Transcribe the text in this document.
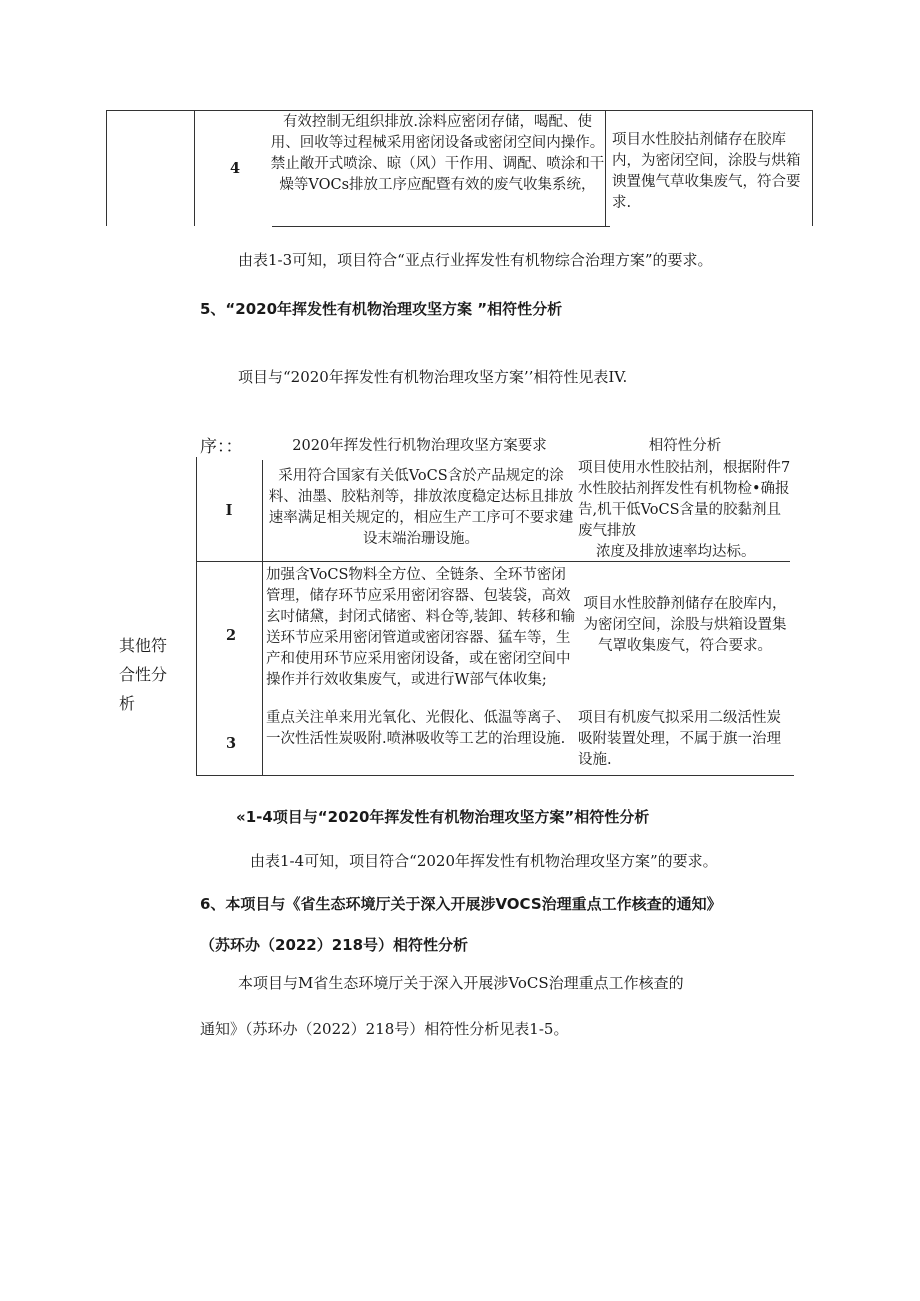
4
有效控制无组织排放.涂料应密闭存储，喝配、使用、回收等过程械采用密闭设备或密闭空间内操作。禁止敞开式喷涂、晾（风）干作用、调配、喷涂和干燥等VOCs排放工序应配暨有效的废气收集系统，
项目水性胶拈剂储存在胶库内，为密闭空间，涂股与烘箱谀置傀气草收集废气，符合要求.
由表1-3可知，项目符合“亚点行业挥发性有机物综合治理方案”的要求。
5、“2020年挥发性有机物治理攻坚方案 ”相符性分析
项目与“2020年挥发性有机物治理攻坚方案’’相符性见表IV.
序：：	2020年挥发性行机物治理攻坚方案要求	相符性分析
其他符合性分析
I
采用符合国家有关低VoCS含於产品规定的涂料、油墨、胶粘剂等，排放浓度稳定达标且排放速率满足相关规定的，相应生产工序可不要求建设末端治珊设施。
项目使用水性胶拈剂，根据附件7水性胶拈剂挥发性有机物检•确报告,机干低VoCS含量的胶黏剂且废气排放
浓度及排放速率均达标。
2
加强含VoCS物料全方位、全链条、全环节密闭管理，储存环节应采用密闭容器、包装袋，高效玄吋储黛，封闭式储密、料仓等,装卸、转移和输送环节应采用密闭管道或密闭容器、猛车等，生产和使用环节应采用密闭设备，或在密闭空间中操作并行效收集废气，或进行W部气体收集;
项目水性胶静剂储存在胶库内，为密闭空间，涂股与烘箱设置集气罩收集废气，符合要求。
3
重点关注单来用光氧化、光假化、低温等离子、一次性活性炭吸附.喷淋吸收等工艺的治理设施.
项目有机废气拟采用二级活性炭吸附装置处理，不属于旗一治理设施.
«1-4项目与“2020年挥发性有机物治理攻坚方案”相符性分析
由表1-4可知，项目符合“2020年挥发性有机物治理攻坚方案”的要求。
6、本项目与《省生态环境厅关于深入开展涉VOCS治理重点工作核查的通知》
（苏环办（2022）218号）相符性分析
本项目与M省生态环境厅关于深入开展涉VoCS治理重点工作核查的
通知》（苏环办（2022）218号）相符性分析见表1-5。
